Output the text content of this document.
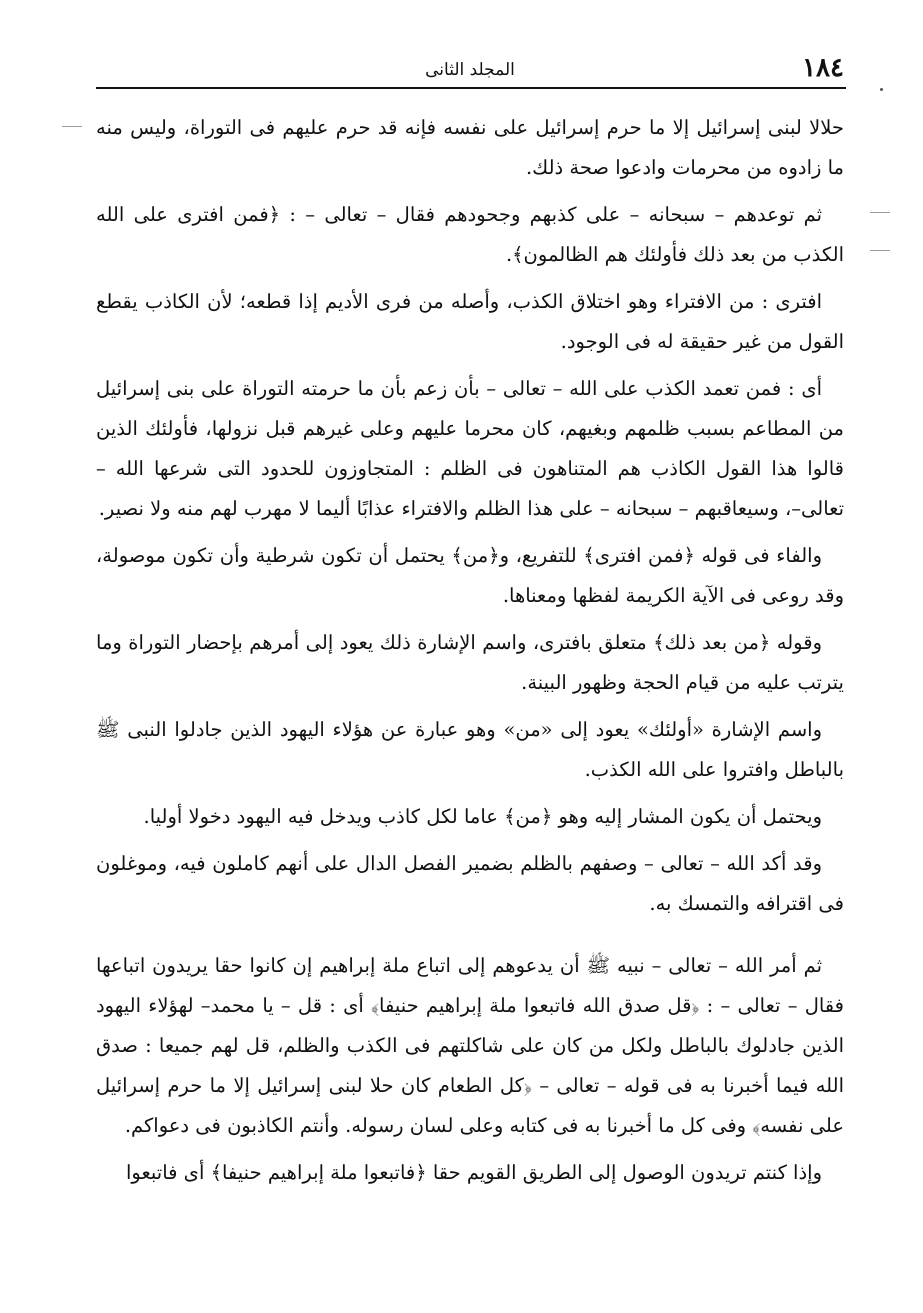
١٨٤
المجلد الثانى

حلالا لبنى إسرائيل إلا ما حرم إسرائيل على نفسه فإنه قد حرم عليهم فى التوراة، وليس منه ما زادوه من محرمات وادعوا صحة ذلك.

ثم توعدهم – سبحانه – على كذبهم وجحودهم فقال – تعالى – : ﴿فمن افترى على الله الكذب من بعد ذلك فأولئك هم الظالمون﴾.

افترى : من الافتراء وهو اختلاق الكذب، وأصله من فرى الأديم إذا قطعه؛ لأن الكاذب يقطع القول من غير حقيقة له فى الوجود.

أى : فمن تعمد الكذب على الله – تعالى – بأن زعم بأن ما حرمته التوراة على بنى إسرائيل من المطاعم بسبب ظلمهم وبغيهم، كان محرما عليهم وعلى غيرهم قبل نزولها، فأولئك الذين قالوا هذا القول الكاذب هم المتناهون فى الظلم : المتجاوزون للحدود التى شرعها الله –تعالى–، وسيعاقبهم – سبحانه – على هذا الظلم والافتراء عذابًا أليما لا مهرب لهم منه ولا نصير.

والفاء فى قوله ﴿فمن افترى﴾ للتفريع، و﴿من﴾ يحتمل أن تكون شرطية وأن تكون موصولة، وقد روعى فى الآية الكريمة لفظها ومعناها.

وقوله ﴿من بعد ذلك﴾ متعلق بافترى، واسم الإشارة ذلك يعود إلى أمرهم بإحضار التوراة وما يترتب عليه من قيام الحجة وظهور البينة.

واسم الإشارة «أولئك» يعود إلى «من» وهو عبارة عن هؤلاء اليهود الذين جادلوا النبى ﷺ بالباطل وافتروا على الله الكذب.

ويحتمل أن يكون المشار إليه وهو ﴿من﴾ عاما لكل كاذب ويدخل فيه اليهود دخولا أوليا.

وقد أكد الله – تعالى – وصفهم بالظلم بضمير الفصل الدال على أنهم كاملون فيه، وموغلون فى اقترافه والتمسك به.

ثم أمر الله – تعالى – نبيه ﷺ أن يدعوهم إلى اتباع ملة إبراهيم إن كانوا حقا يريدون اتباعها فقال – تعالى – : ﴿قل صدق الله فاتبعوا ملة إبراهيم حنيفا﴾ أى : قل – يا محمد– لهؤلاء اليهود الذين جادلوك بالباطل ولكل من كان على شاكلتهم فى الكذب والظلم، قل لهم جميعا : صدق الله فيما أخبرنا به فى قوله – تعالى – ﴿كل الطعام كان حلا لبنى إسرائيل إلا ما حرم إسرائيل على نفسه﴾ وفى كل ما أخبرنا به فى كتابه وعلى لسان رسوله. وأنتم الكاذبون فى دعواكم.

وإذا كنتم تريدون الوصول إلى الطريق القويم حقا ﴿فاتبعوا ملة إبراهيم حنيفا﴾ أى فاتبعوا
